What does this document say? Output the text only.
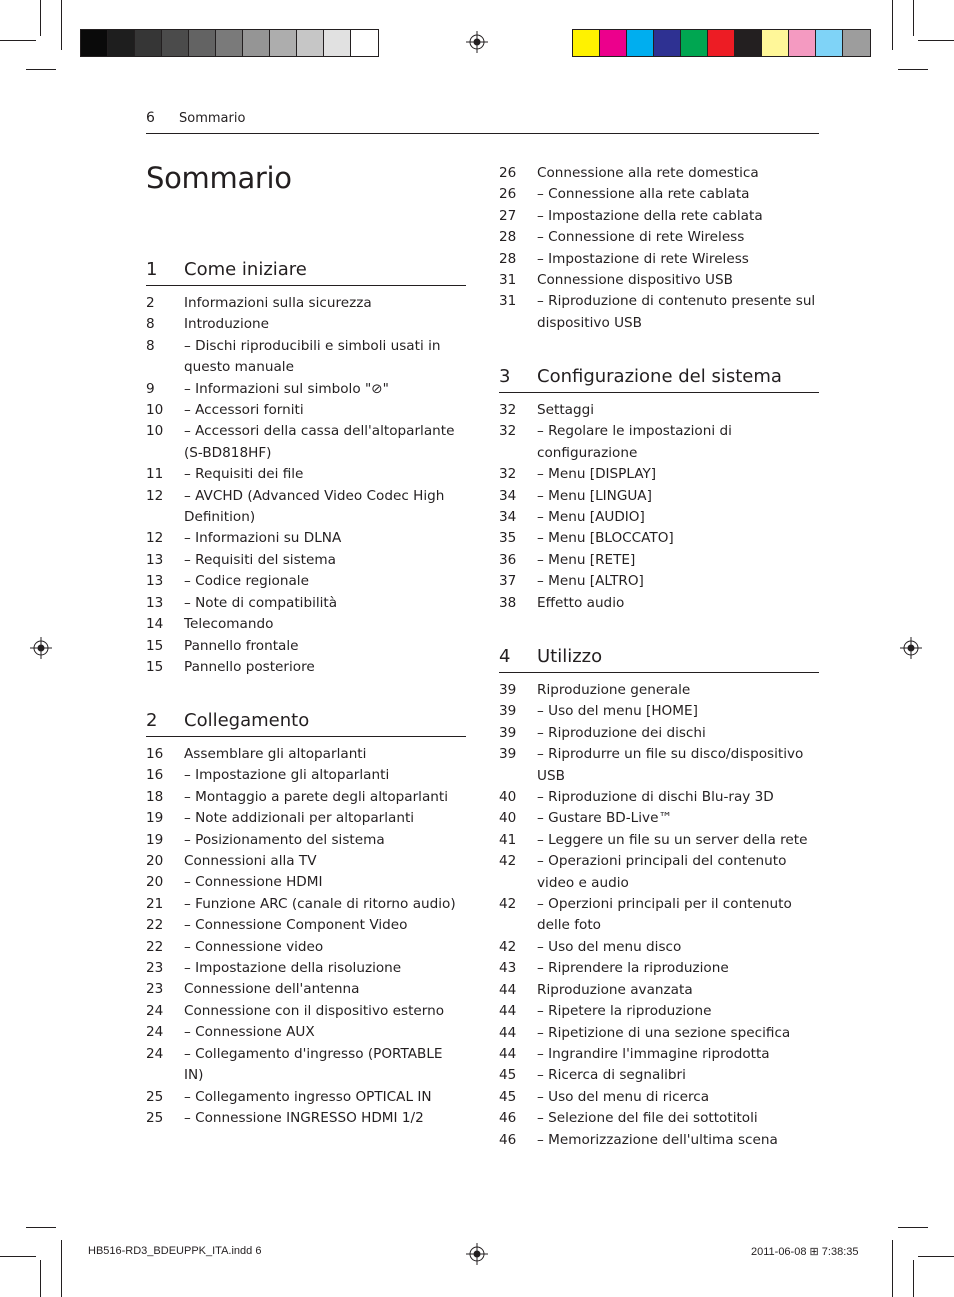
6 Sommario
Sommario
1	Come iniziare
2	Informazioni sulla sicurezza
8	Introduzione
8	– Dischi riproducibili e simboli usati in questo manuale
9	– Informazioni sul simbolo "⊘"
10	– Accessori forniti
10	– Accessori della cassa dell'altoparlante (S-BD818HF)
11	– Requisiti dei file
12	– AVCHD (Advanced Video Codec High Definition)
12	– Informazioni su DLNA
13	– Requisiti del sistema
13	– Codice regionale
13	– Note di compatibilità
14	Telecomando
15	Pannello frontale
15	Pannello posteriore
2	Collegamento
16	Assemblare gli altoparlanti
16	– Impostazione gli altoparlanti
18	– Montaggio a parete degli altoparlanti
19	– Note addizionali per altoparlanti
19	– Posizionamento del sistema
20	Connessioni alla TV
20	– Connessione HDMI
21	– Funzione ARC (canale di ritorno audio)
22	– Connessione Component Video
22	– Connessione video
23	– Impostazione della risoluzione
23	Connessione dell'antenna
24	Connessione con il dispositivo esterno
24	– Connessione AUX
24	– Collegamento d'ingresso (PORTABLE IN)
25	– Collegamento ingresso OPTICAL IN
25	– Connessione INGRESSO HDMI 1/2
26	Connessione alla rete domestica
26	– Connessione alla rete cablata
27	– Impostazione della rete cablata
28	– Connessione di rete Wireless
28	– Impostazione di rete Wireless
31	Connessione dispositivo USB
31	– Riproduzione di contenuto presente sul dispositivo USB
3	Configurazione del sistema
32	Settaggi
32	– Regolare le impostazioni di configurazione
32	– Menu [DISPLAY]
34	– Menu [LINGUA]
34	– Menu [AUDIO]
35	– Menu [BLOCCATO]
36	– Menu [RETE]
37	– Menu [ALTRO]
38	Effetto audio
4	Utilizzo
39	Riproduzione generale
39	– Uso del menu [HOME]
39	– Riproduzione dei dischi
39	– Riprodurre un file su disco/dispositivo USB
40	– Riproduzione di dischi Blu-ray 3D
40	– Gustare BD-Live™
41	– Leggere un file su un server della rete
42	– Operazioni principali del contenuto video e audio
42	– Operzioni principali per il contenuto delle foto
42	– Uso del menu disco
43	– Riprendere la riproduzione
44	Riproduzione avanzata
44	– Ripetere la riproduzione
44	– Ripetizione di una sezione specifica
44	– Ingrandire l'immagine riprodotta
45	– Ricerca di segnalibri
45	– Uso del menu di ricerca
46	– Selezione del file dei sottotitoli
46	– Memorizzazione dell'ultima scena
HB516-RD3_BDEUPPK_ITA.indd 6	2011-06-08 ⊞ 7:38:35
